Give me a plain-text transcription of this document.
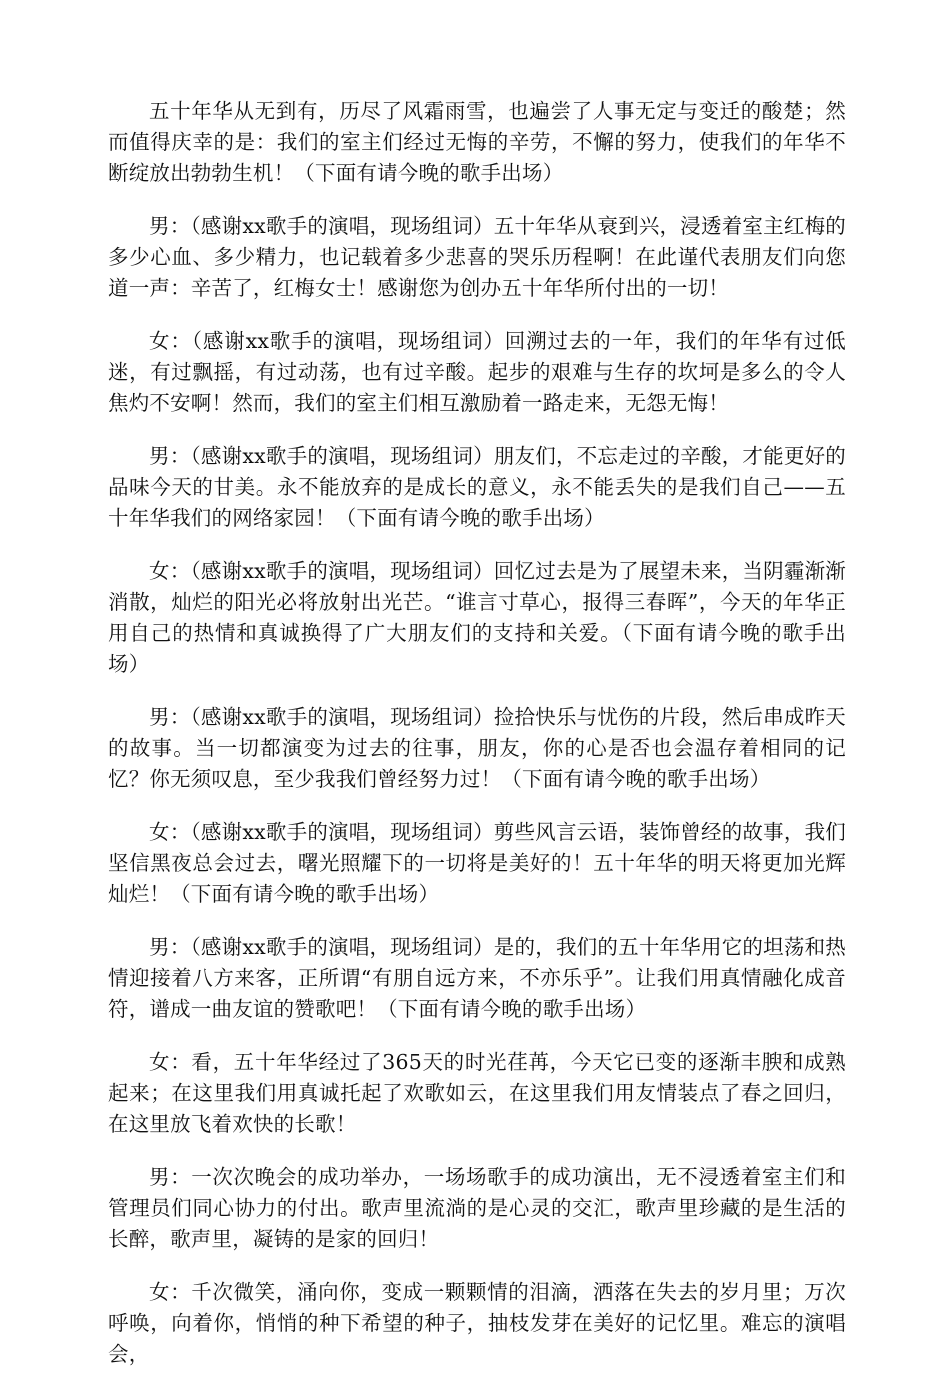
五十年华从无到有，历尽了风霜雨雪，也遍尝了人事无定与变迁的酸楚；然而值得庆幸的是：我们的室主们经过无悔的辛劳，不懈的努力，使我们的年华不断绽放出勃勃生机！（下面有请今晚的歌手出场）

男：（感谢xx歌手的演唱，现场组词）五十年华从衰到兴，浸透着室主红梅的多少心血、多少精力，也记载着多少悲喜的哭乐历程啊！在此谨代表朋友们向您道一声：辛苦了，红梅女士！感谢您为创办五十年华所付出的一切！

女：（感谢xx歌手的演唱，现场组词）回溯过去的一年，我们的年华有过低迷，有过飘摇，有过动荡，也有过辛酸。起步的艰难与生存的坎坷是多么的令人焦灼不安啊！然而，我们的室主们相互激励着一路走来，无怨无悔！

男：（感谢xx歌手的演唱，现场组词）朋友们，不忘走过的辛酸，才能更好的品味今天的甘美。永不能放弃的是成长的意义，永不能丢失的是我们自己——五十年华我们的网络家园！（下面有请今晚的歌手出场）

女：（感谢xx歌手的演唱，现场组词）回忆过去是为了展望未来，当阴霾渐渐消散，灿烂的阳光必将放射出光芒。“谁言寸草心，报得三春晖”，今天的年华正用自己的热情和真诚换得了广大朋友们的支持和关爱。（下面有请今晚的歌手出场）

男：（感谢xx歌手的演唱，现场组词）捡拾快乐与忧伤的片段，然后串成昨天的故事。当一切都演变为过去的往事，朋友，你的心是否也会温存着相同的记忆？你无须叹息，至少我我们曾经努力过！（下面有请今晚的歌手出场）

女：（感谢xx歌手的演唱，现场组词）剪些风言云语，装饰曾经的故事，我们坚信黑夜总会过去，曙光照耀下的一切将是美好的！五十年华的明天将更加光辉灿烂！（下面有请今晚的歌手出场）

男：（感谢xx歌手的演唱，现场组词）是的，我们的五十年华用它的坦荡和热情迎接着八方来客，正所谓“有朋自远方来，不亦乐乎”。让我们用真情融化成音符，谱成一曲友谊的赞歌吧！（下面有请今晚的歌手出场）

女：看，五十年华经过了365天的时光荏苒，今天它已变的逐渐丰腴和成熟起来；在这里我们用真诚托起了欢歌如云，在这里我们用友情装点了春之回归，在这里放飞着欢快的长歌！

男：一次次晚会的成功举办，一场场歌手的成功演出，无不浸透着室主们和管理员们同心协力的付出。歌声里流淌的是心灵的交汇，歌声里珍藏的是生活的长醉，歌声里，凝铸的是家的回归！

女：千次微笑，涌向你，变成一颗颗情的泪滴，洒落在失去的岁月里；万次呼唤，向着你，悄悄的种下希望的种子，抽枝发芽在美好的记忆里。难忘的演唱会，
